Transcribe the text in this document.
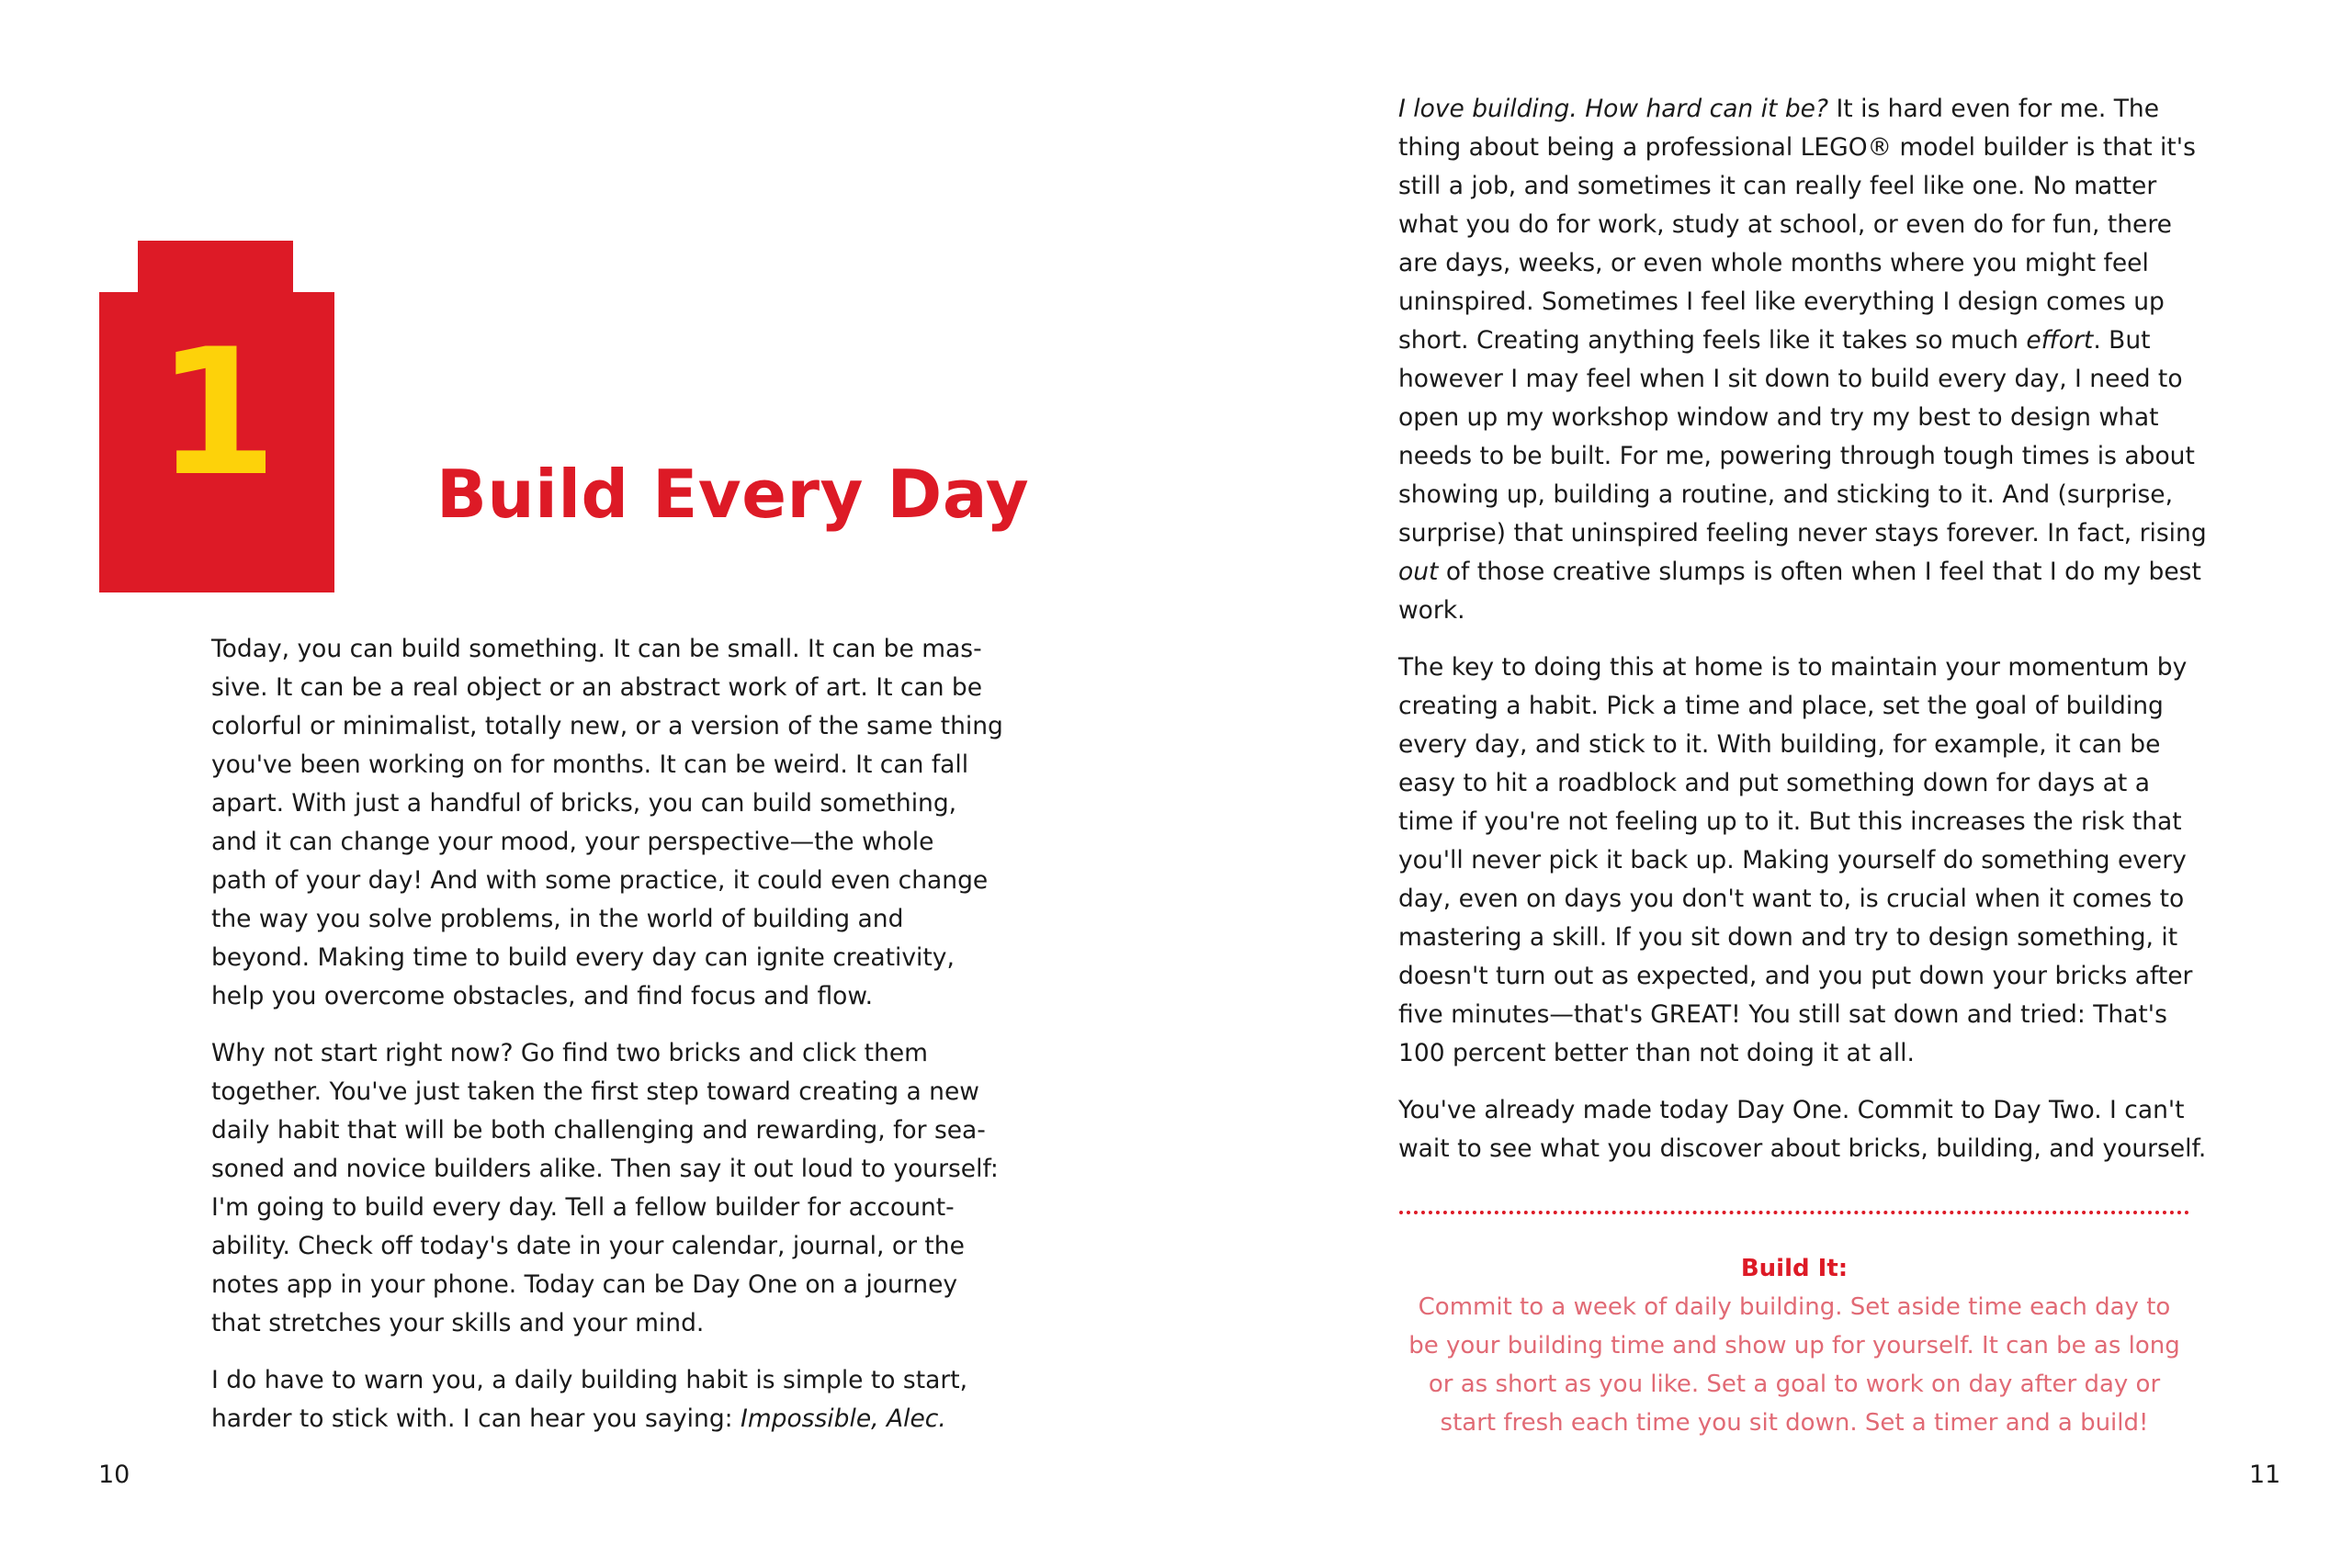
1	Build Every Day

Today, you can build something. It can be small. It can be mas-
sive. It can be a real object or an abstract work of art. It can be
colorful or minimalist, totally new, or a version of the same thing
you've been working on for months. It can be weird. It can fall
apart. With just a handful of bricks, you can build something,
and it can change your mood, your perspective—the whole
path of your day! And with some practice, it could even change
the way you solve problems, in the world of building and
beyond. Making time to build every day can ignite creativity,
help you overcome obstacles, and find focus and flow.

Why not start right now? Go find two bricks and click them
together. You've just taken the first step toward creating a new
daily habit that will be both challenging and rewarding, for sea-
soned and novice builders alike. Then say it out loud to yourself:
I'm going to build every day. Tell a fellow builder for account-
ability. Check off today's date in your calendar, journal, or the
notes app in your phone. Today can be Day One on a journey
that stretches your skills and your mind.

I do have to warn you, a daily building habit is simple to start,
harder to stick with. I can hear you saying: Impossible, Alec.

10

I love building. How hard can it be? It is hard even for me. The
thing about being a professional LEGO® model builder is that it's
still a job, and sometimes it can really feel like one. No matter
what you do for work, study at school, or even do for fun, there
are days, weeks, or even whole months where you might feel
uninspired. Sometimes I feel like everything I design comes up
short. Creating anything feels like it takes so much effort. But
however I may feel when I sit down to build every day, I need to
open up my workshop window and try my best to design what
needs to be built. For me, powering through tough times is about
showing up, building a routine, and sticking to it. And (surprise,
surprise) that uninspired feeling never stays forever. In fact, rising
out of those creative slumps is often when I feel that I do my best
work.

The key to doing this at home is to maintain your momentum by
creating a habit. Pick a time and place, set the goal of building
every day, and stick to it. With building, for example, it can be
easy to hit a roadblock and put something down for days at a
time if you're not feeling up to it. But this increases the risk that
you'll never pick it back up. Making yourself do something every
day, even on days you don't want to, is crucial when it comes to
mastering a skill. If you sit down and try to design something, it
doesn't turn out as expected, and you put down your bricks after
five minutes—that's GREAT! You still sat down and tried: That's
100 percent better than not doing it at all.

You've already made today Day One. Commit to Day Two. I can't
wait to see what you discover about bricks, building, and yourself.

Build It:
Commit to a week of daily building. Set aside time each day to
be your building time and show up for yourself. It can be as long
or as short as you like. Set a goal to work on day after day or
start fresh each time you sit down. Set a timer and a build!
11
